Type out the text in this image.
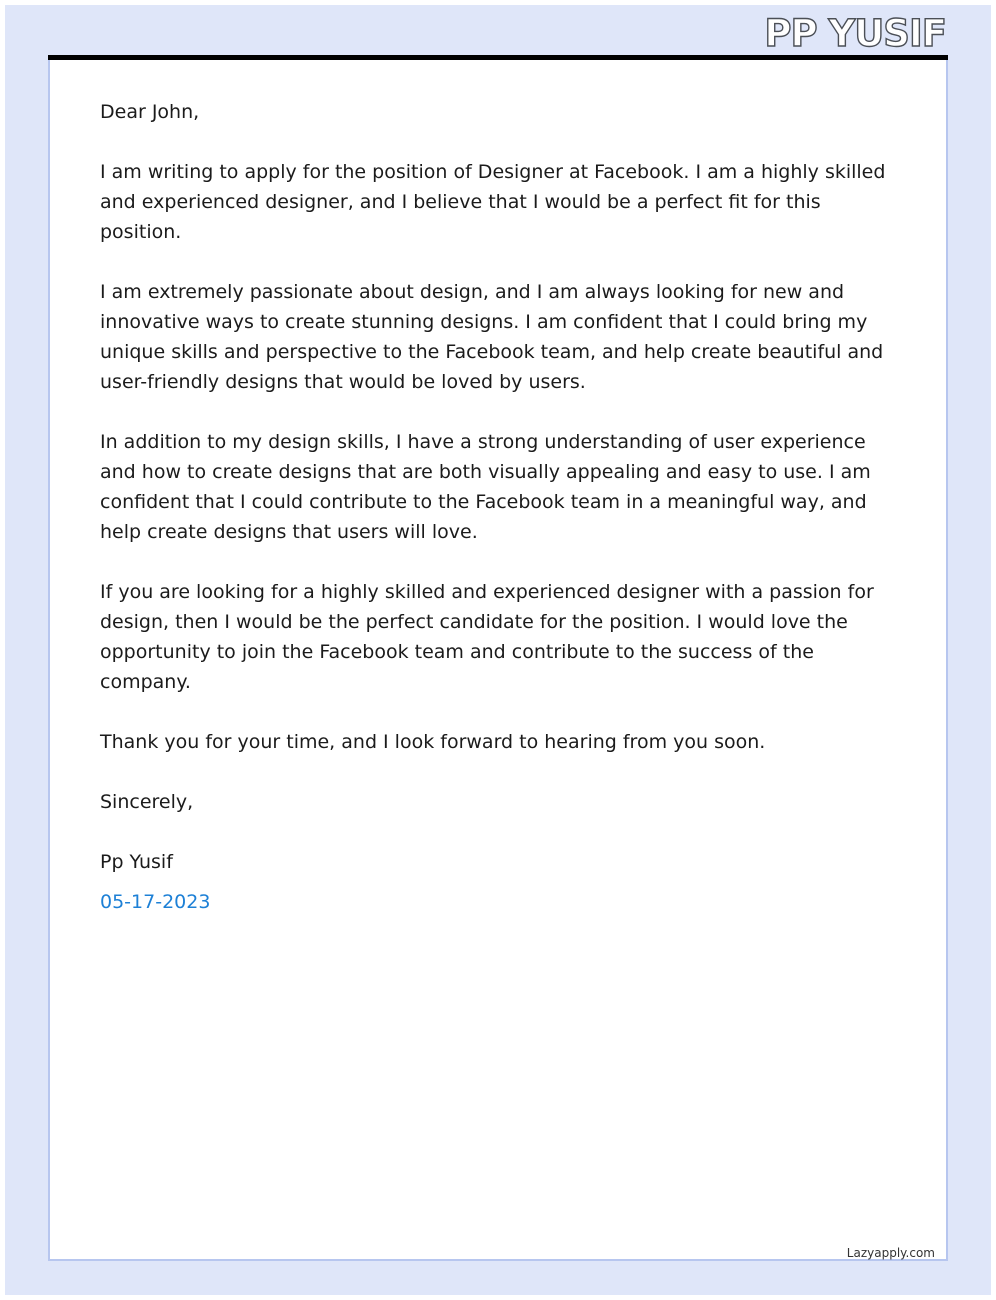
PP YUSIF

Dear John,

I am writing to apply for the position of Designer at Facebook. I am a highly skilled and experienced designer, and I believe that I would be a perfect fit for this position.

I am extremely passionate about design, and I am always looking for new and innovative ways to create stunning designs. I am confident that I could bring my unique skills and perspective to the Facebook team, and help create beautiful and user-friendly designs that would be loved by users.

In addition to my design skills, I have a strong understanding of user experience and how to create designs that are both visually appealing and easy to use. I am confident that I could contribute to the Facebook team in a meaningful way, and help create designs that users will love.

If you are looking for a highly skilled and experienced designer with a passion for design, then I would be the perfect candidate for the position. I would love the opportunity to join the Facebook team and contribute to the success of the company.

Thank you for your time, and I look forward to hearing from you soon.

Sincerely,

Pp Yusif

05-17-2023

Lazyapply.com
